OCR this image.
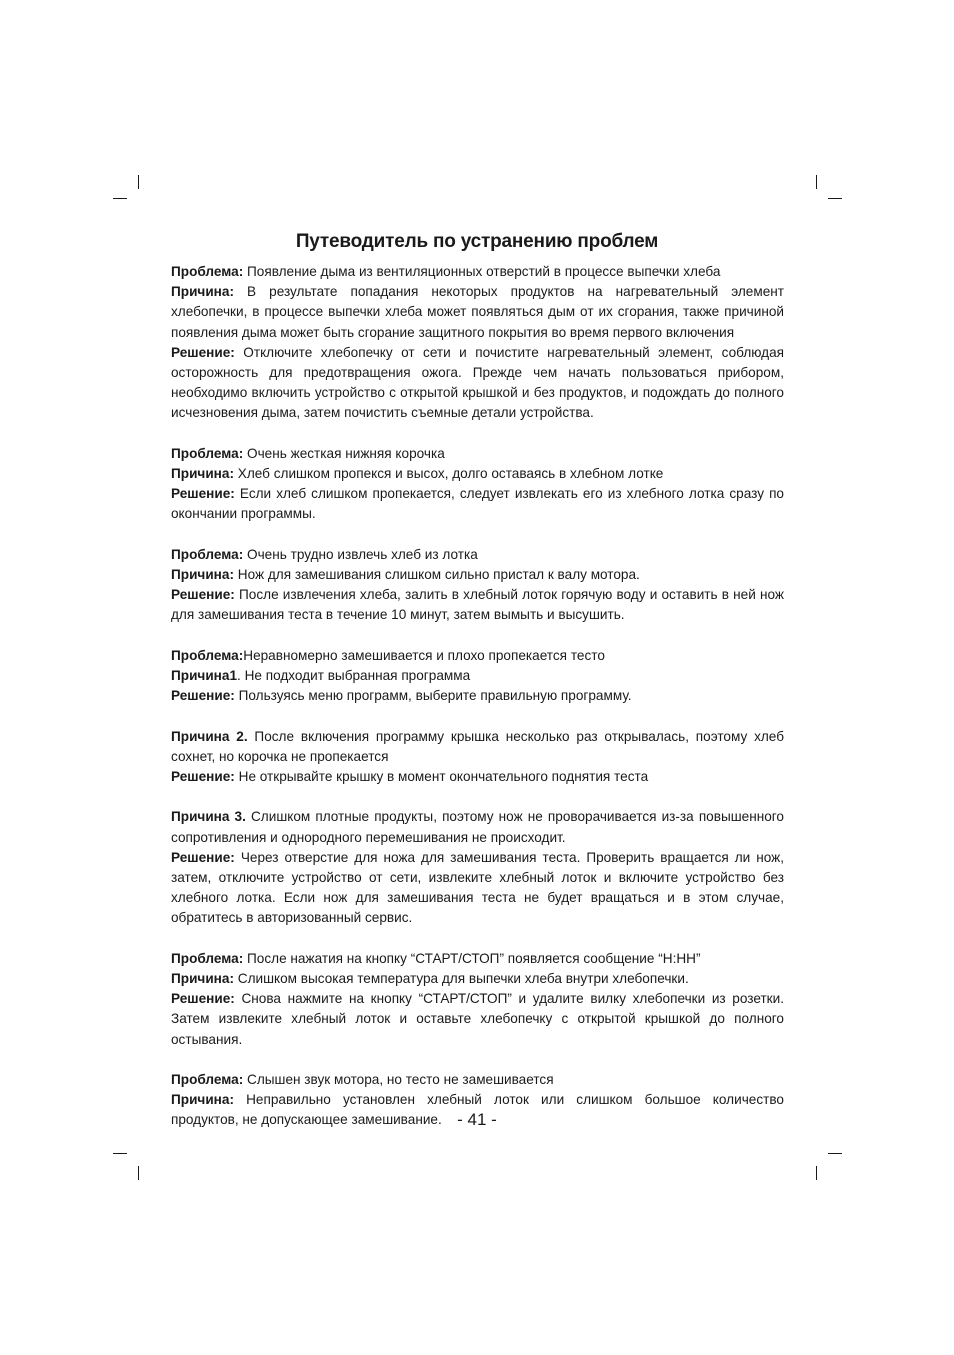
Путеводитель по устранению проблем

Проблема: Появление дыма из вентиляционных отверстий в процессе выпечки хлеба

Причина: В результате попадания некоторых продуктов на нагревательный элемент хлебопечки, в процессе выпечки хлеба может появляться дым от их сгорания, также причиной появления дыма может быть сгорание защитного покрытия во время первого включения

Решение: Отключите хлебопечку от сети и почистите нагревательный элемент, соблюдая осторожность для предотвращения ожога. Прежде чем начать пользоваться прибором, необходимо включить устройство с открытой крышкой и без продуктов, и подождать до полного исчезновения дыма, затем почистить съемные детали устройства.

Проблема: Очень жесткая нижняя корочка

Причина: Хлеб слишком пропекся и высох, долго оставаясь в хлебном лотке

Решение: Если хлеб слишком пропекается, следует извлекать его из хлебного лотка сразу по окончании программы.

Проблема: Очень трудно извлечь хлеб из лотка

Причина: Нож для замешивания слишком сильно пристал к валу мотора.

Решение: После извлечения хлеба, залить в хлебный лоток горячую воду и оставить в ней нож для замешивания теста в течение 10 минут, затем вымыть и высушить.

Проблема:Неравномерно замешивается и плохо пропекается тесто

Причина1. Не подходит выбранная программа

Решение: Пользуясь меню программ, выберите правильную программу.

Причина 2. После включения программу крышка несколько раз открывалась, поэтому хлеб сохнет, но корочка не пропекается

Решение: Не открывайте крышку в момент окончательного поднятия теста

Причина 3. Слишком плотные продукты, поэтому нож не проворачивается из-за повышенного сопротивления и однородного перемешивания не происходит.

Решение: Через отверстие для ножа для замешивания теста. Проверить вращается ли нож, затем, отключите устройство от сети, извлеките хлебный лоток и включите устройство без хлебного лотка. Если нож для замешивания теста не будет вращаться и в этом случае, обратитесь в авторизованный сервис.

Проблема: После нажатия на кнопку “СТАРТ/СТОП” появляется сообщение “H:HH”

Причина: Слишком высокая температура для выпечки хлеба внутри хлебопечки.

Решение: Снова нажмите на кнопку “СТАРТ/СТОП” и удалите вилку хлебопечки из розетки. Затем извлеките хлебный лоток и оставьте хлебопечку с открытой крышкой до полного остывания.

Проблема: Слышен звук мотора, но тесто не замешивается

Причина: Неправильно установлен хлебный лоток или слишком большое количество продуктов, не допускающее замешивание. - 41 -
